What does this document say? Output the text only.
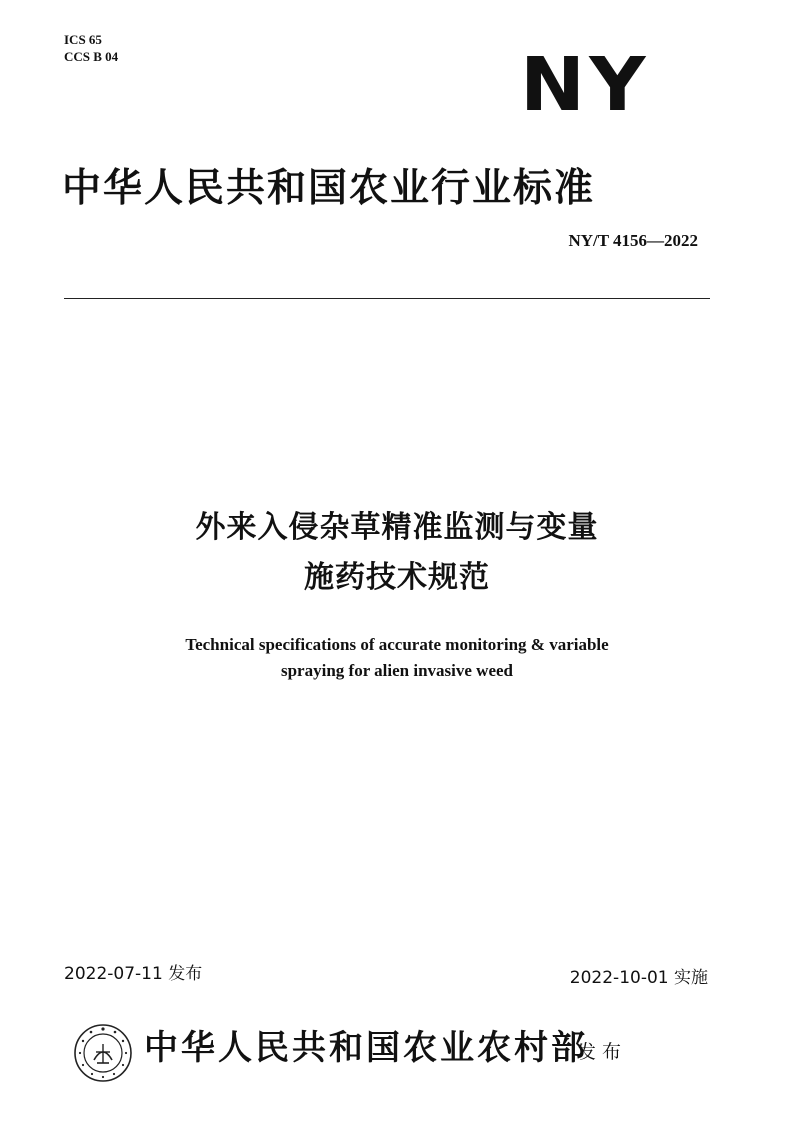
ICS 65
CCS B 04	NY
中华人民共和国农业行业标准
NY/T 4156—2022
外来入侵杂草精准监测与变量
施药技术规范
Technical specifications of accurate monitoring & variable
spraying for alien invasive weed
2022-07-11 发布	2022-10-01 实施
中华人民共和国农业农村部
发布
